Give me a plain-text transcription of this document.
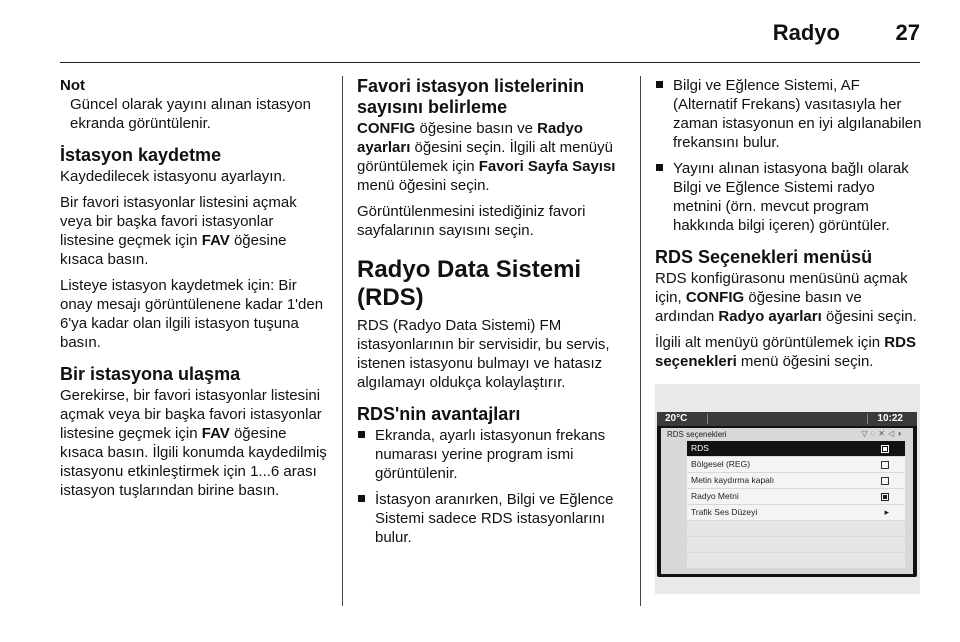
Radyo	27

Not

Güncel olarak yayını alınan istasyon ekranda görüntülenir.

İstasyon kaydetme

Kaydedilecek istasyonu ayarlayın.

Bir favori istasyonlar listesini açmak veya bir başka favori istasyonlar listesine geçmek için FAV öğesine kısaca basın.

Listeye istasyon kaydetmek için: Bir onay mesajı görüntülenene kadar 1'den 6'ya kadar olan ilgili istasyon tuşuna basın.

Bir istasyona ulaşma

Gerekirse, bir favori istasyonlar listesini açmak veya bir başka favori istasyonlar listesine geçmek için FAV öğesine kısaca basın. İlgili konumda kaydedilmiş istasyonu etkinleştirmek için 1...6 arası istasyon tuşlarından birine basın.

Favori istasyon listelerinin sayısını belirleme

CONFIG öğesine basın ve Radyo ayarları öğesini seçin. İlgili alt menüyü görüntülemek için Favori Sayfa Sayısı menü öğesini seçin.

Görüntülenmesini istediğiniz favori sayfalarının sayısını seçin.

Radyo Data Sistemi (RDS)

RDS (Radyo Data Sistemi) FM istasyonlarının bir servisidir, bu servis, istenen istasyonu bulmayı ve hatasız algılamayı oldukça kolaylaştırır.

RDS'nin avantajları
Ekranda, ayarlı istasyonun frekans numarası yerine program ismi görüntülenir.
İstasyon aranırken, Bilgi ve Eğlence Sistemi sadece RDS istasyonlarını bulur.
Bilgi ve Eğlence Sistemi, AF (Alternatif Frekans) vasıtasıyla her zaman istasyonun en iyi algılanabilen frekansını bulur.
Yayını alınan istasyona bağlı olarak Bilgi ve Eğlence Sistemi radyo metnini (örn. mevcut program hakkında bilgi içeren) görüntüler.
RDS Seçenekleri menüsü

RDS konfigürasonu menüsünü açmak için, CONFIG öğesine basın ve ardından Radyo ayarları öğesini seçin.

İlgili alt menüyü görüntülemek için RDS seçenekleri menü öğesini seçin.

20°C	10:22
RDS seçenekleri	▽◌✕◁◖
RDS
Bölgesel (REG)
Metin kaydırma kapalı
Radyo Metni
Trafik Ses Düzeyi	▸
